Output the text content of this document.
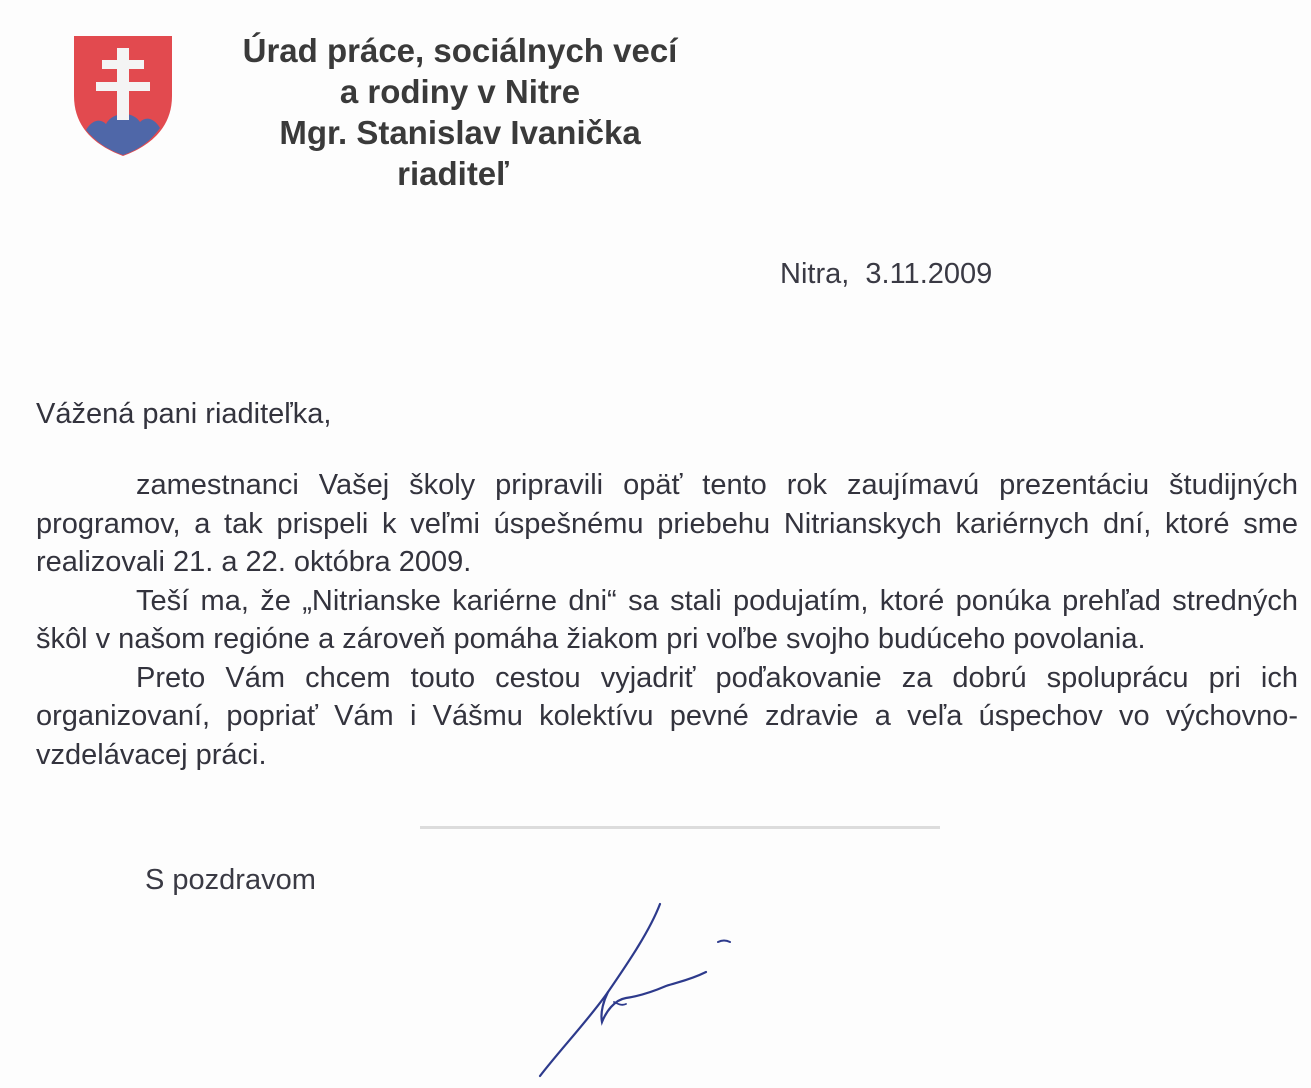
Úrad práce, sociálnych vecí
a rodiny v Nitre
Mgr. Stanislav Ivanička
riaditeľ
Nitra,  3.11.2009
Vážená pani riaditeľka,

zamestnanci Vašej školy pripravili opäť tento rok zaujímavú prezentáciu študijných programov, a tak prispeli k veľmi úspešnému priebehu Nitrianskych kariérnych dní, ktoré sme realizovali 21. a 22. októbra 2009.

Teší ma, že „Nitrianske kariérne dni“ sa stali podujatím, ktoré ponúka prehľad stredných škôl v našom regióne a zároveň pomáha žiakom pri voľbe svojho budúceho povolania.

Preto Vám chcem touto cestou vyjadriť poďakovanie za dobrú spoluprácu pri ich organizovaní, popriať Vám i Vášmu kolektívu pevné zdravie a veľa úspechov vo výchovno-vzdelávacej práci.

S pozdravom
